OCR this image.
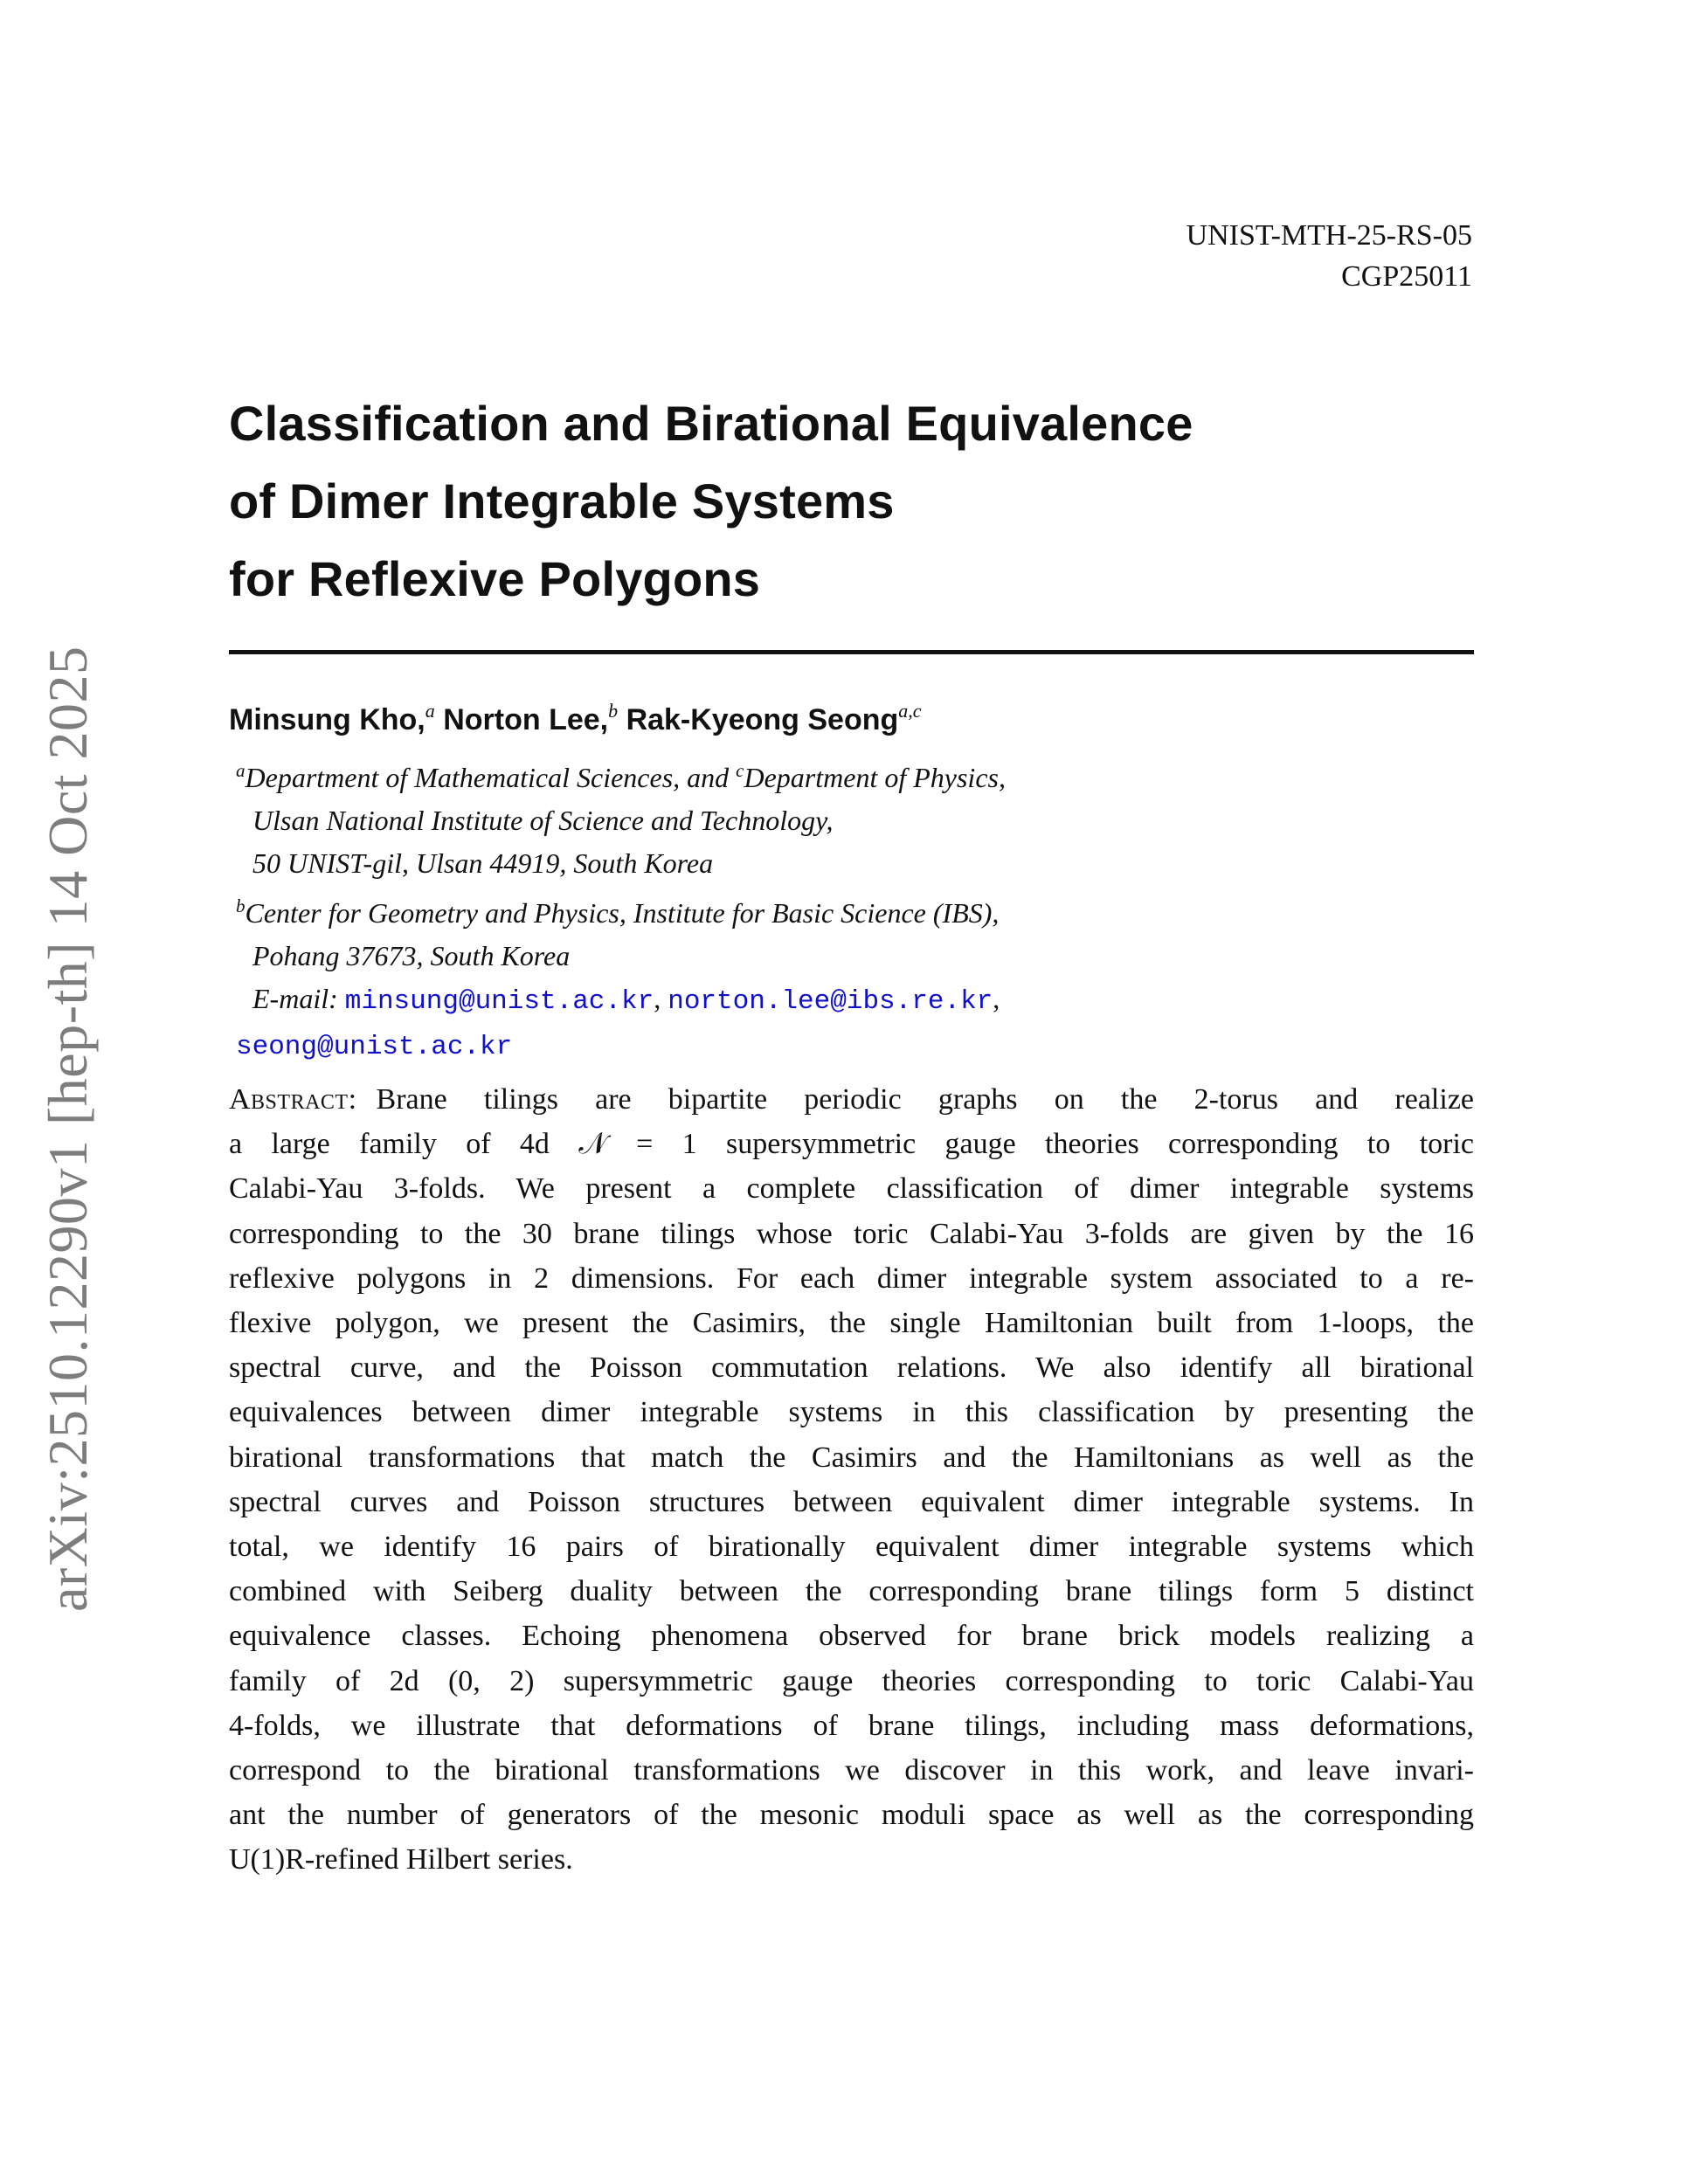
arXiv:2510.12290v1 [hep-th] 14 Oct 2025
UNIST-MTH-25-RS-05
CGP25011
Classification and Birational Equivalence
of Dimer Integrable Systems
for Reflexive Polygons
Minsung Kho,$^a$ Norton Lee,$^b$ Rak-Kyeong Seong$^{a,c}$
$^a$Department of Mathematical Sciences, and $^c$Department of Physics,
Ulsan National Institute of Science and Technology,
50 UNIST-gil, Ulsan 44919, South Korea
$^b$Center for Geometry and Physics, Institute for Basic Science (IBS),
Pohang 37673, South Korea
E-mail: minsung@unist.ac.kr, norton.lee@ibs.re.kr,
seong@unist.ac.kr
Abstract: Brane tilings are bipartite periodic graphs on the 2-torus and realize
a large family of 4d 𝒩 = 1 supersymmetric gauge theories corresponding to toric
Calabi-Yau 3-folds. We present a complete classification of dimer integrable systems
corresponding to the 30 brane tilings whose toric Calabi-Yau 3-folds are given by the 16
reflexive polygons in 2 dimensions. For each dimer integrable system associated to a re-
flexive polygon, we present the Casimirs, the single Hamiltonian built from 1-loops, the
spectral curve, and the Poisson commutation relations. We also identify all birational
equivalences between dimer integrable systems in this classification by presenting the
birational transformations that match the Casimirs and the Hamiltonians as well as the
spectral curves and Poisson structures between equivalent dimer integrable systems. In
total, we identify 16 pairs of birationally equivalent dimer integrable systems which
combined with Seiberg duality between the corresponding brane tilings form 5 distinct
equivalence classes. Echoing phenomena observed for brane brick models realizing a
family of 2d (0, 2) supersymmetric gauge theories corresponding to toric Calabi-Yau
4-folds, we illustrate that deformations of brane tilings, including mass deformations,
correspond to the birational transformations we discover in this work, and leave invari-
ant the number of generators of the mesonic moduli space as well as the corresponding
U(1)R-refined Hilbert series.
